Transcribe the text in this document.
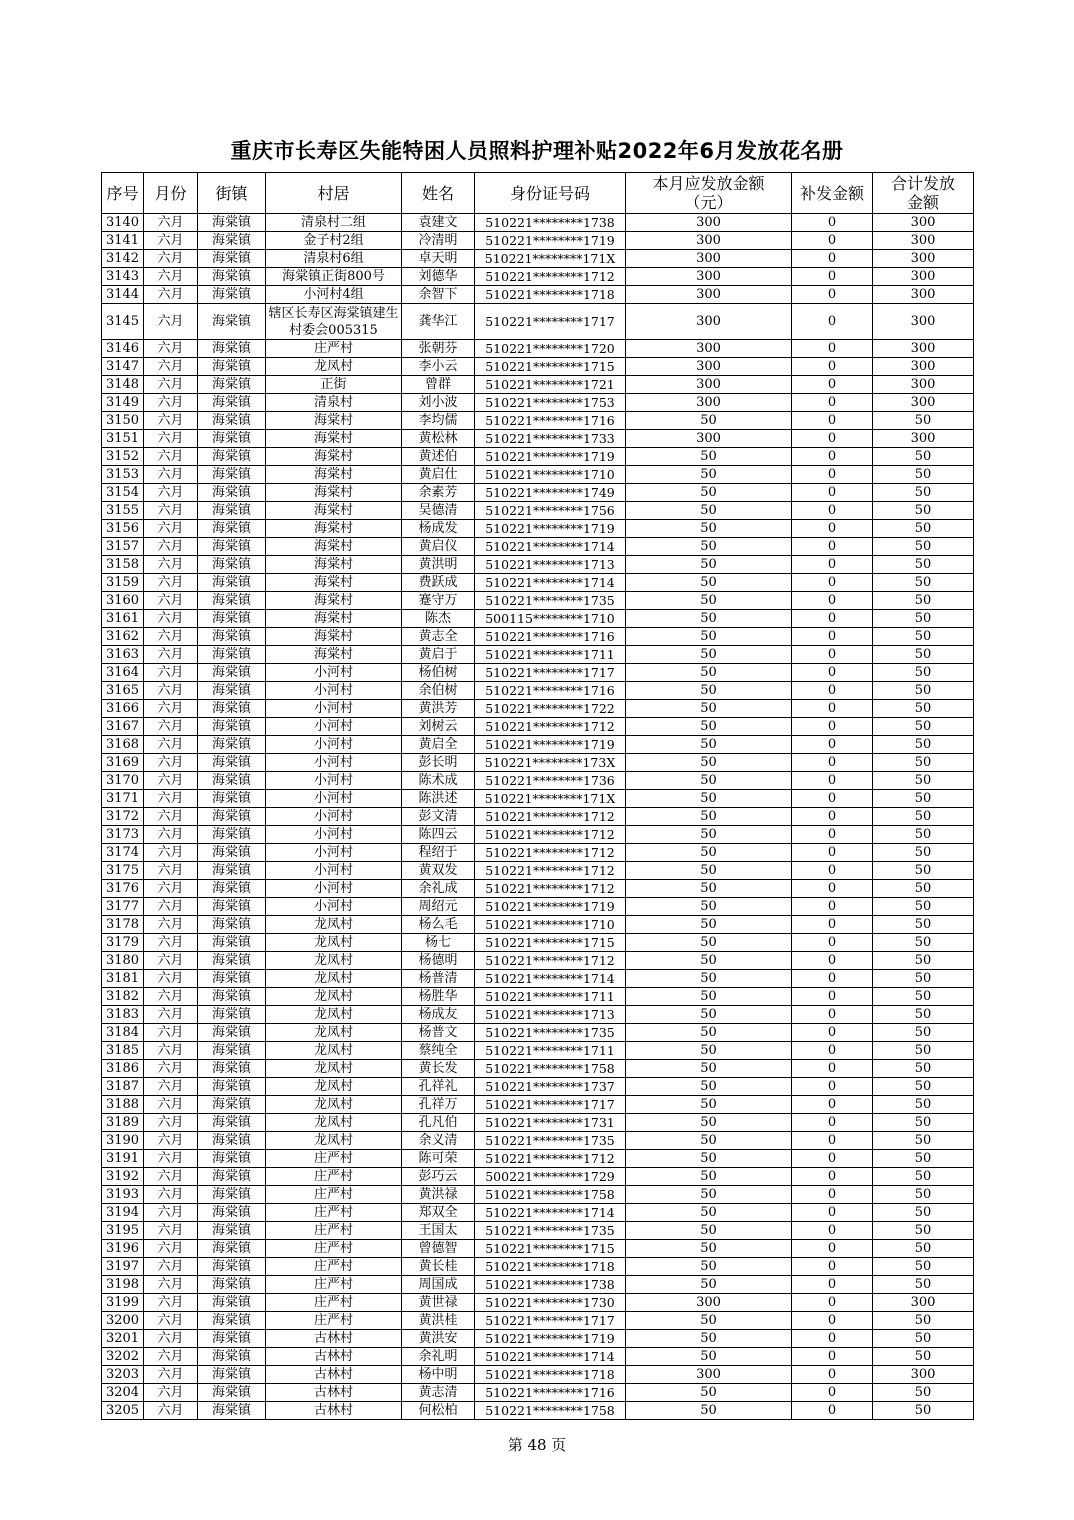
重庆市长寿区失能特困人员照料护理补贴2022年6月发放花名册
序号	月份	街镇	村居	姓名	身份证号码	本月应发放金额（元）	补发金额	合计发放金额
3140	六月	海棠镇	清泉村二组	袁建文	510221********1738	300	0	300
3141	六月	海棠镇	金子村2组	冷清明	510221********1719	300	0	300
3142	六月	海棠镇	清泉村6组	卓天明	510221********171X	300	0	300
3143	六月	海棠镇	海棠镇正街800号	刘德华	510221********1712	300	0	300
3144	六月	海棠镇	小河村4组	余智下	510221********1718	300	0	300
3145	六月	海棠镇	辖区长寿区海棠镇建生村委会005315	龚华江	510221********1717	300	0	300
3146	六月	海棠镇	庄严村	张朝芬	510221********1720	300	0	300
3147	六月	海棠镇	龙凤村	李小云	510221********1715	300	0	300
3148	六月	海棠镇	正街	曾群	510221********1721	300	0	300
3149	六月	海棠镇	清泉村	刘小波	510221********1753	300	0	300
3150	六月	海棠镇	海棠村	李均儒	510221********1716	50	0	50
3151	六月	海棠镇	海棠村	黄松林	510221********1733	300	0	300
3152	六月	海棠镇	海棠村	黄述伯	510221********1719	50	0	50
3153	六月	海棠镇	海棠村	黄启仕	510221********1710	50	0	50
3154	六月	海棠镇	海棠村	余素芳	510221********1749	50	0	50
3155	六月	海棠镇	海棠村	吴德清	510221********1756	50	0	50
3156	六月	海棠镇	海棠村	杨成发	510221********1719	50	0	50
3157	六月	海棠镇	海棠村	黄启仪	510221********1714	50	0	50
3158	六月	海棠镇	海棠村	黄洪明	510221********1713	50	0	50
3159	六月	海棠镇	海棠村	费跃成	510221********1714	50	0	50
3160	六月	海棠镇	海棠村	蹇守万	510221********1735	50	0	50
3161	六月	海棠镇	海棠村	陈杰	500115********1710	50	0	50
3162	六月	海棠镇	海棠村	黄志全	510221********1716	50	0	50
3163	六月	海棠镇	海棠村	黄启于	510221********1711	50	0	50
3164	六月	海棠镇	小河村	杨伯树	510221********1717	50	0	50
3165	六月	海棠镇	小河村	余伯树	510221********1716	50	0	50
3166	六月	海棠镇	小河村	黄洪芳	510221********1722	50	0	50
3167	六月	海棠镇	小河村	刘树云	510221********1712	50	0	50
3168	六月	海棠镇	小河村	黄启全	510221********1719	50	0	50
3169	六月	海棠镇	小河村	彭长明	510221********173X	50	0	50
3170	六月	海棠镇	小河村	陈术成	510221********1736	50	0	50
3171	六月	海棠镇	小河村	陈洪述	510221********171X	50	0	50
3172	六月	海棠镇	小河村	彭文清	510221********1712	50	0	50
3173	六月	海棠镇	小河村	陈四云	510221********1712	50	0	50
3174	六月	海棠镇	小河村	程绍于	510221********1712	50	0	50
3175	六月	海棠镇	小河村	黄双发	510221********1712	50	0	50
3176	六月	海棠镇	小河村	余礼成	510221********1712	50	0	50
3177	六月	海棠镇	小河村	周绍元	510221********1719	50	0	50
3178	六月	海棠镇	龙凤村	杨么毛	510221********1710	50	0	50
3179	六月	海棠镇	龙凤村	杨七	510221********1715	50	0	50
3180	六月	海棠镇	龙凤村	杨德明	510221********1712	50	0	50
3181	六月	海棠镇	龙凤村	杨普清	510221********1714	50	0	50
3182	六月	海棠镇	龙凤村	杨胜华	510221********1711	50	0	50
3183	六月	海棠镇	龙凤村	杨成友	510221********1713	50	0	50
3184	六月	海棠镇	龙凤村	杨普文	510221********1735	50	0	50
3185	六月	海棠镇	龙凤村	蔡纯全	510221********1711	50	0	50
3186	六月	海棠镇	龙凤村	黄长发	510221********1758	50	0	50
3187	六月	海棠镇	龙凤村	孔祥礼	510221********1737	50	0	50
3188	六月	海棠镇	龙凤村	孔祥万	510221********1717	50	0	50
3189	六月	海棠镇	龙凤村	孔凡伯	510221********1731	50	0	50
3190	六月	海棠镇	龙凤村	余义清	510221********1735	50	0	50
3191	六月	海棠镇	庄严村	陈可荣	510221********1712	50	0	50
3192	六月	海棠镇	庄严村	彭巧云	500221********1729	50	0	50
3193	六月	海棠镇	庄严村	黄洪禄	510221********1758	50	0	50
3194	六月	海棠镇	庄严村	郑双全	510221********1714	50	0	50
3195	六月	海棠镇	庄严村	王国太	510221********1735	50	0	50
3196	六月	海棠镇	庄严村	曾德智	510221********1715	50	0	50
3197	六月	海棠镇	庄严村	黄长桂	510221********1718	50	0	50
3198	六月	海棠镇	庄严村	周国成	510221********1738	50	0	50
3199	六月	海棠镇	庄严村	黄世禄	510221********1730	300	0	300
3200	六月	海棠镇	庄严村	黄洪桂	510221********1717	50	0	50
3201	六月	海棠镇	古林村	黄洪安	510221********1719	50	0	50
3202	六月	海棠镇	古林村	余礼明	510221********1714	50	0	50
3203	六月	海棠镇	古林村	杨中明	510221********1718	300	0	300
3204	六月	海棠镇	古林村	黄志清	510221********1716	50	0	50
3205	六月	海棠镇	古林村	何松柏	510221********1758	50	0	50
第 48 页
